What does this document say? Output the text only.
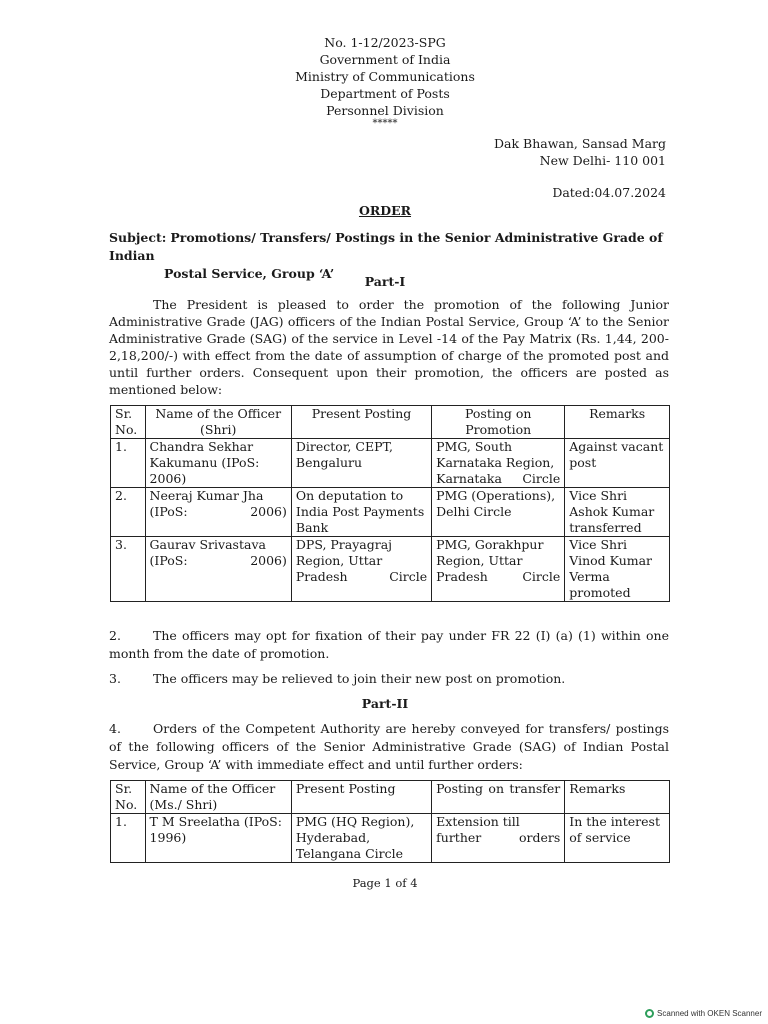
No. 1-12/2023-SPG
Government of India
Ministry of Communications
Department of Posts
Personnel Division
*****
Dak Bhawan, Sansad Marg
New Delhi- 110 001
Dated:04.07.2024
ORDER
Subject: Promotions/ Transfers/ Postings in the Senior Administrative Grade of Indian
Postal Service, Group ‘A’
Part-I
The President is pleased to order the promotion of the following Junior Administrative Grade (JAG) officers of the Indian Postal Service, Group ‘A’ to the Senior Administrative Grade (SAG) of the service in Level -14 of the Pay Matrix (Rs. 1,44, 200-2,18,200/-) with effect from the date of assumption of charge of the promoted post and until further orders. Consequent upon their promotion, the officers are posted as mentioned below:
Sr. No.	Name of the Officer (Shri)	Present Posting	Posting on Promotion	Remarks
1.	Chandra Sekhar Kakumanu (IPoS: 2006)	Director, CEPT, Bengaluru	PMG, South Karnataka Region, Karnataka Circle	Against vacant post
2.	Neeraj Kumar Jha (IPoS: 2006)	On deputation to India Post Payments Bank	PMG (Operations), Delhi Circle	Vice Shri Ashok Kumar transferred
3.	Gaurav Srivastava (IPoS: 2006)	DPS, Prayagraj Region, Uttar Pradesh Circle	PMG, Gorakhpur Region, Uttar Pradesh Circle	Vice Shri Vinod Kumar Verma promoted
2.	The officers may opt for fixation of their pay under FR 22 (I) (a) (1) within one month from the date of promotion.
3.	The officers may be relieved to join their new post on promotion.
Part-II
4.	Orders of the Competent Authority are hereby conveyed for transfers/ postings of the following officers of the Senior Administrative Grade (SAG) of Indian Postal Service, Group ‘A’ with immediate effect and until further orders:
Sr. No.	Name of the Officer (Ms./ Shri)	Present Posting	Posting on transfer	Remarks
1.	T M Sreelatha (IPoS: 1996)	PMG (HQ Region), Hyderabad, Telangana Circle	Extension till further orders	In the interest of service
Page 1 of 4
Scanned with OKEN Scanner
